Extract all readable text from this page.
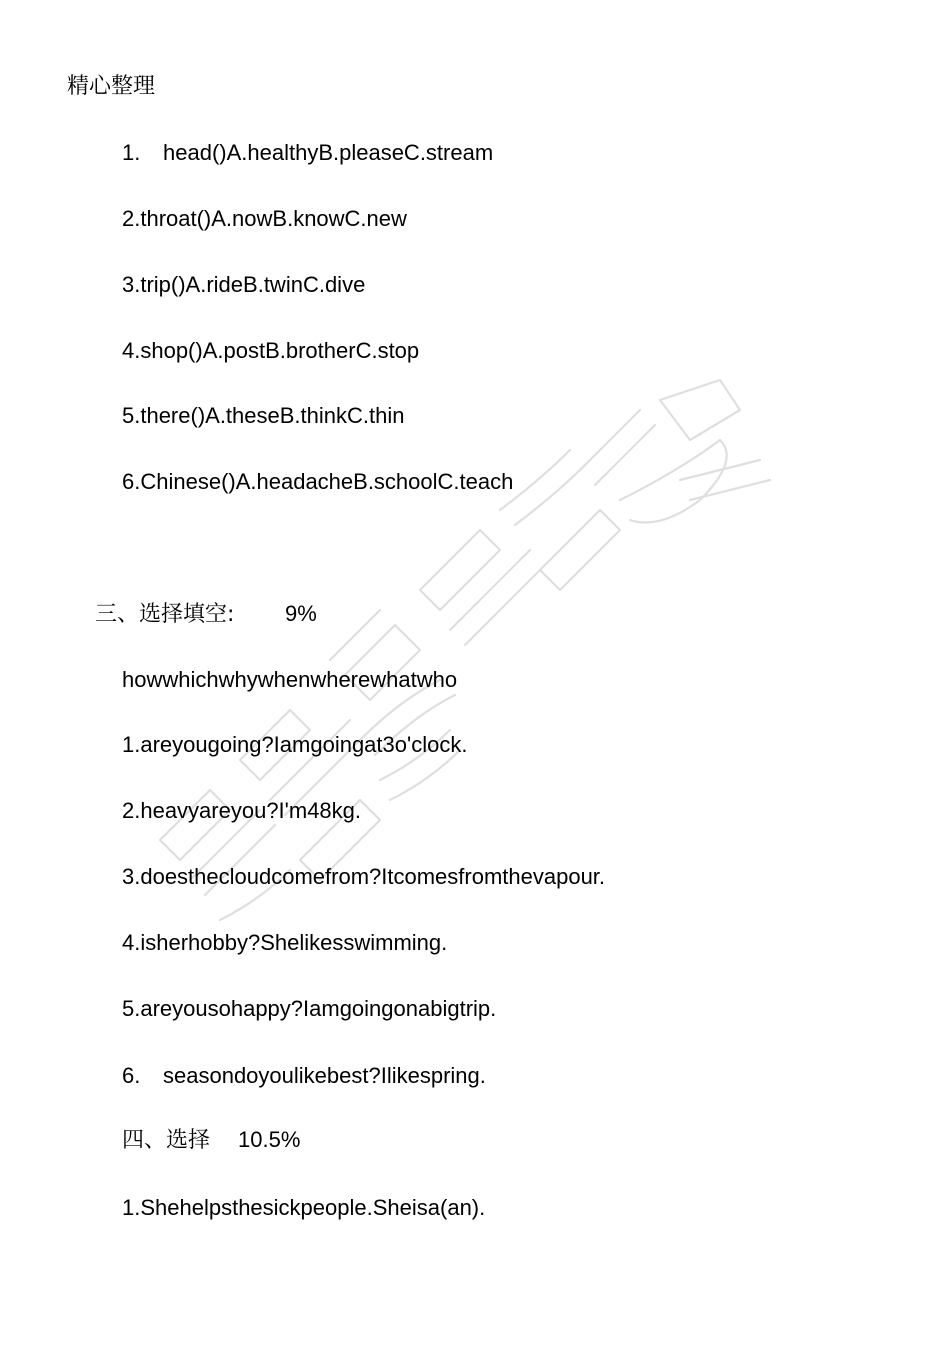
精心整理
1. head()A.healthyB.pleaseC.stream
2.throat()A.nowB.knowC.new
3.trip()A.rideB.twinC.dive
4.shop()A.postB.brotherC.stop
5.there()A.theseB.thinkC.thin
6.Chinese()A.headacheB.schoolC.teach
三、选择填空: 9%
howwhichwhywhenwherewhatwho
1.areyougoing?Iamgoingat3o'clock.
2.heavyareyou?I'm48kg.
3.doesthecloudcomefrom?Itcomesfromthevapour.
4.isherhobby?Shelikesswimming.
5.areyousohappy?Iamgoingonabigtrip.
6. seasondoyoulikebest?Ilikespring.
四、选择 10.5%
1.Shehelpsthesickpeople.Sheisa(an).
